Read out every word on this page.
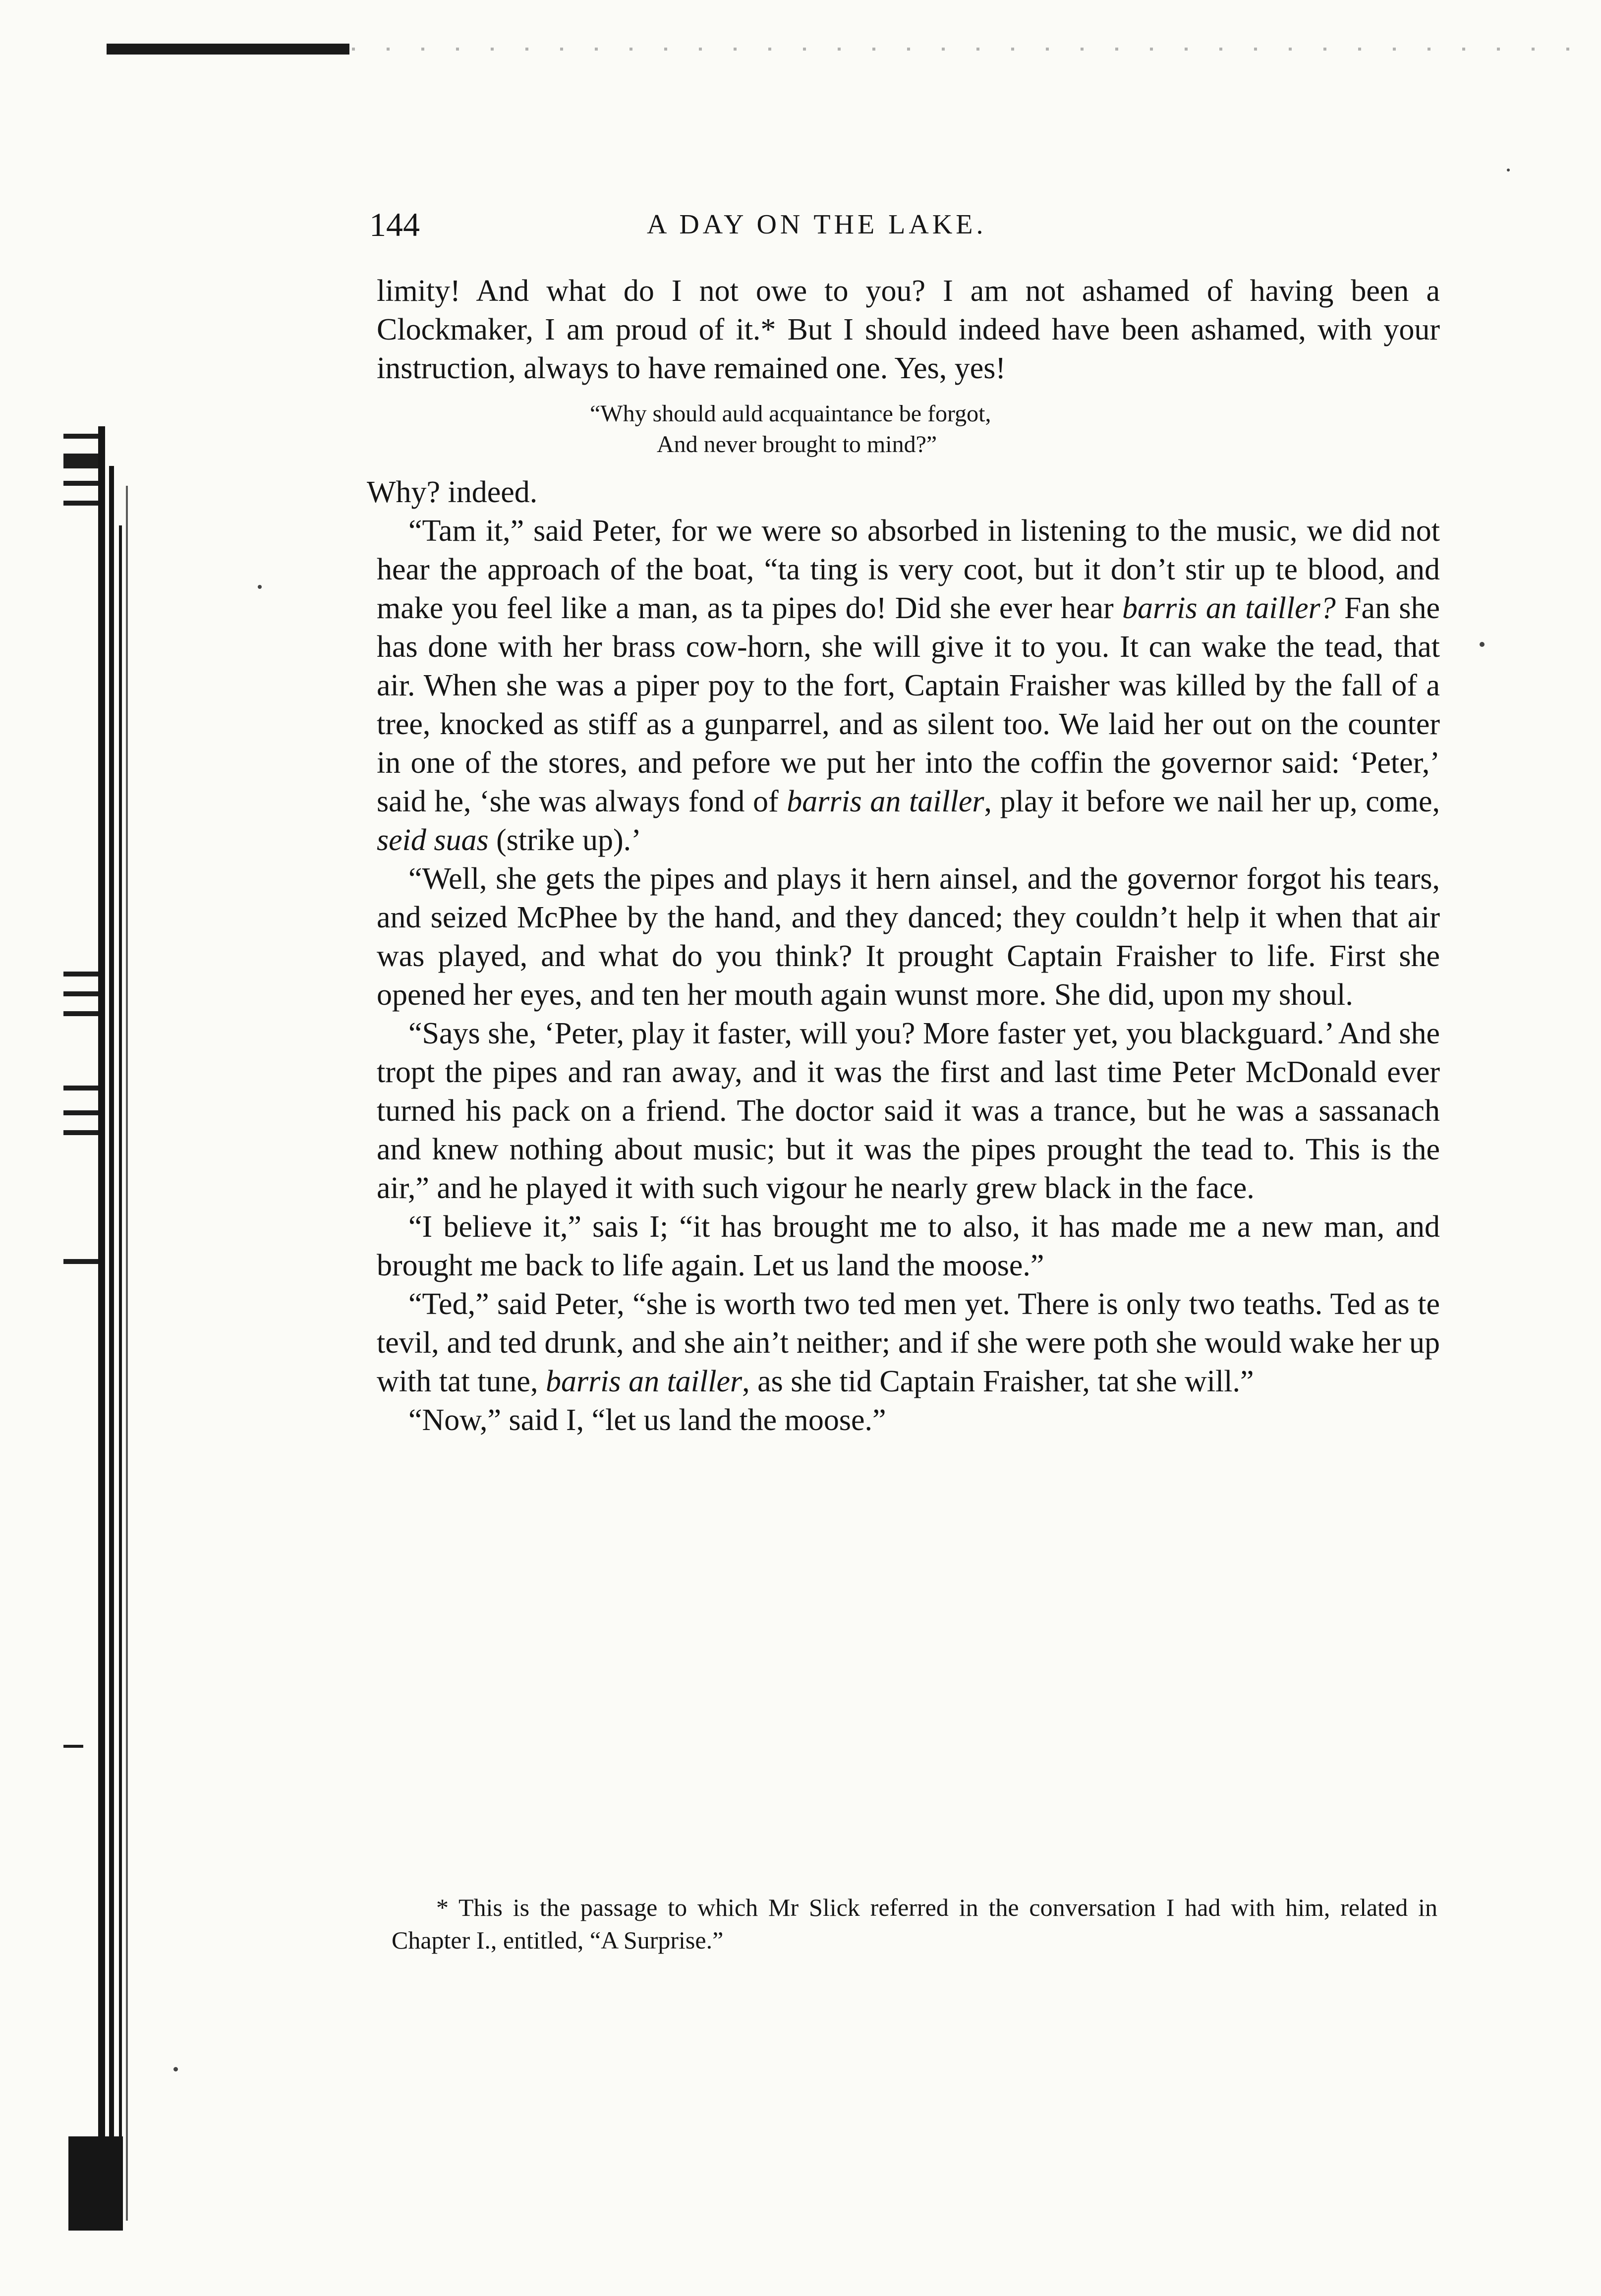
144	A DAY ON THE LAKE.

limity! And what do I not owe to you? I am not ashamed of having been a Clockmaker, I am proud of it.* But I should indeed have been ashamed, with your instruction, always to have remained one. Yes, yes!

“Why should auld acquaintance be forgot,
And never brought to mind?”

Why? indeed.

“Tam it,” said Peter, for we were so absorbed in listening to the music, we did not hear the approach of the boat, “ta ting is very coot, but it don’t stir up te blood, and make you feel like a man, as ta pipes do! Did she ever hear barris an tailler? Fan she has done with her brass cow-horn, she will give it to you. It can wake the tead, that air. When she was a piper poy to the fort, Captain Fraisher was killed by the fall of a tree, knocked as stiff as a gunparrel, and as silent too. We laid her out on the counter in one of the stores, and pefore we put her into the coffin the governor said: ‘Peter,’ said he, ‘she was always fond of barris an tailler, play it before we nail her up, come, seid suas (strike up).’

“Well, she gets the pipes and plays it hern ainsel, and the governor forgot his tears, and seized McPhee by the hand, and they danced; they couldn’t help it when that air was played, and what do you think? It prought Captain Fraisher to life. First she opened her eyes, and ten her mouth again wunst more. She did, upon my shoul.

“Says she, ‘Peter, play it faster, will you? More faster yet, you blackguard.’ And she tropt the pipes and ran away, and it was the first and last time Peter McDonald ever turned his pack on a friend. The doctor said it was a trance, but he was a sassanach and knew nothing about music; but it was the pipes prought the tead to. This is the air,” and he played it with such vigour he nearly grew black in the face.

“I believe it,” sais I; “it has brought me to also, it has made me a new man, and brought me back to life again. Let us land the moose.”

“Ted,” said Peter, “she is worth two ted men yet. There is only two teaths. Ted as te tevil, and ted drunk, and she ain’t neither; and if she were poth she would wake her up with tat tune, barris an tailler, as she tid Captain Fraisher, tat she will.”

“Now,” said I, “let us land the moose.”

* This is the passage to which Mr Slick referred in the conversation I had with him, related in Chapter I., entitled, “A Surprise.”
